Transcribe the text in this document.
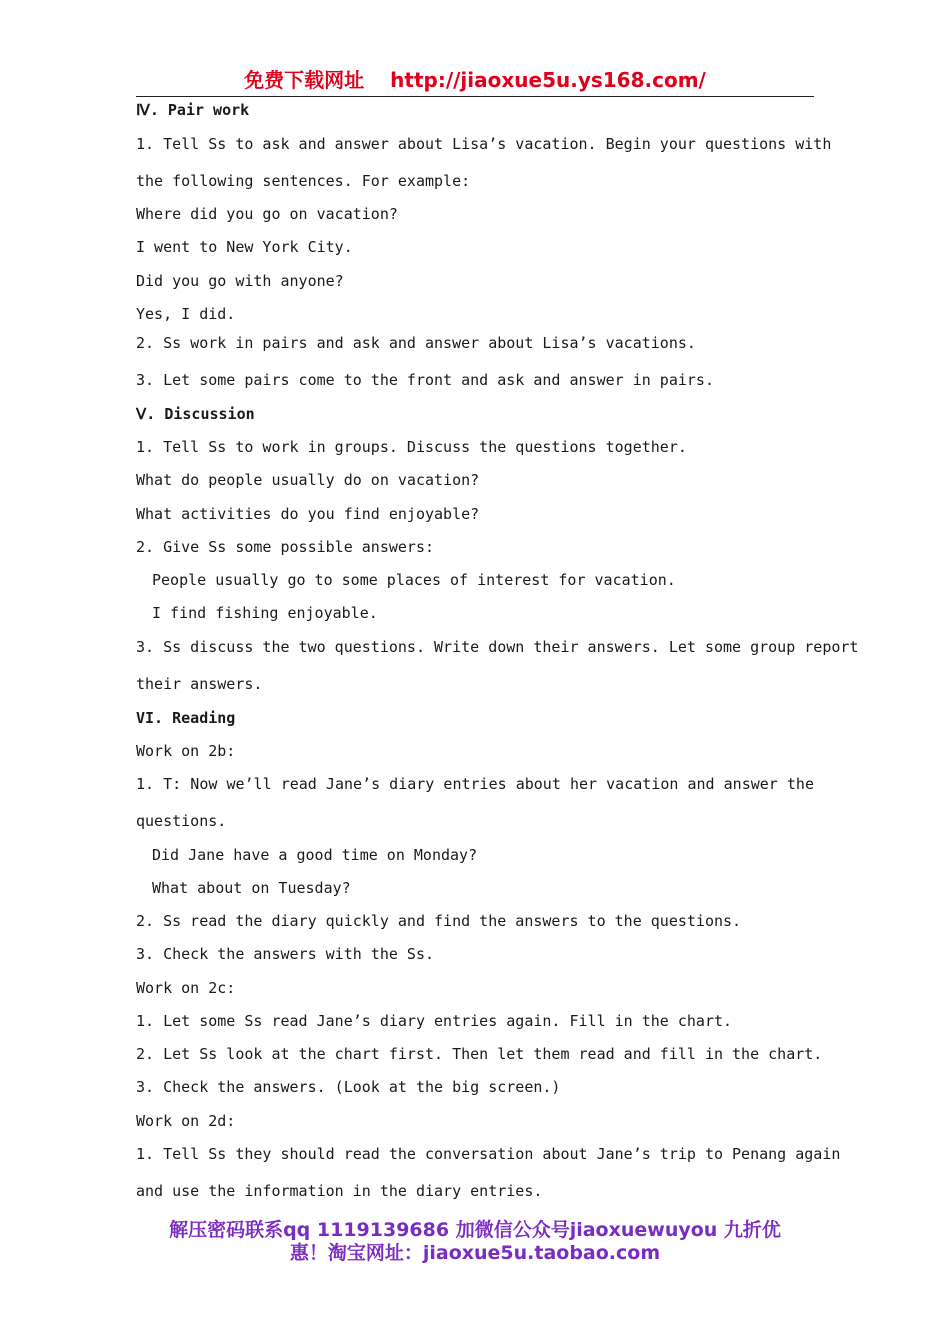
免费下载网址 http://jiaoxue5u.ys168.com/
Ⅳ. Pair work
1. Tell Ss to ask and answer about Lisa’s vacation. Begin your questions with
the following sentences. For example:
Where did you go on vacation?
I went to New York City.
Did you go with anyone?
Yes, I did.
2. Ss work in pairs and ask and answer about Lisa’s vacations.
3. Let some pairs come to the front and ask and answer in pairs.
Ⅴ. Discussion
1. Tell Ss to work in groups. Discuss the questions together.
What do people usually do on vacation?
What activities do you find enjoyable?
2. Give Ss some possible answers:
People usually go to some places of interest for vacation.
I find fishing enjoyable.
3. Ss discuss the two questions. Write down their answers. Let some group report
their answers.
VI. Reading
Work on 2b:
1. T: Now we’ll read Jane’s diary entries about her vacation and answer the
questions.
Did Jane have a good time on Monday?
What about on Tuesday?
2. Ss read the diary quickly and find the answers to the questions.
3. Check the answers with the Ss.
Work on 2c:
1. Let some Ss read Jane’s diary entries again. Fill in the chart.
2. Let Ss look at the chart first. Then let them read and fill in the chart.
3. Check the answers. (Look at the big screen.)
Work on 2d:
1. Tell Ss they should read the conversation about Jane’s trip to Penang again
and use the information in the diary entries.
解压密码联系qq 1119139686 加微信公众号jiaoxuewuyou 九折优
惠！淘宝网址：jiaoxue5u.taobao.com
